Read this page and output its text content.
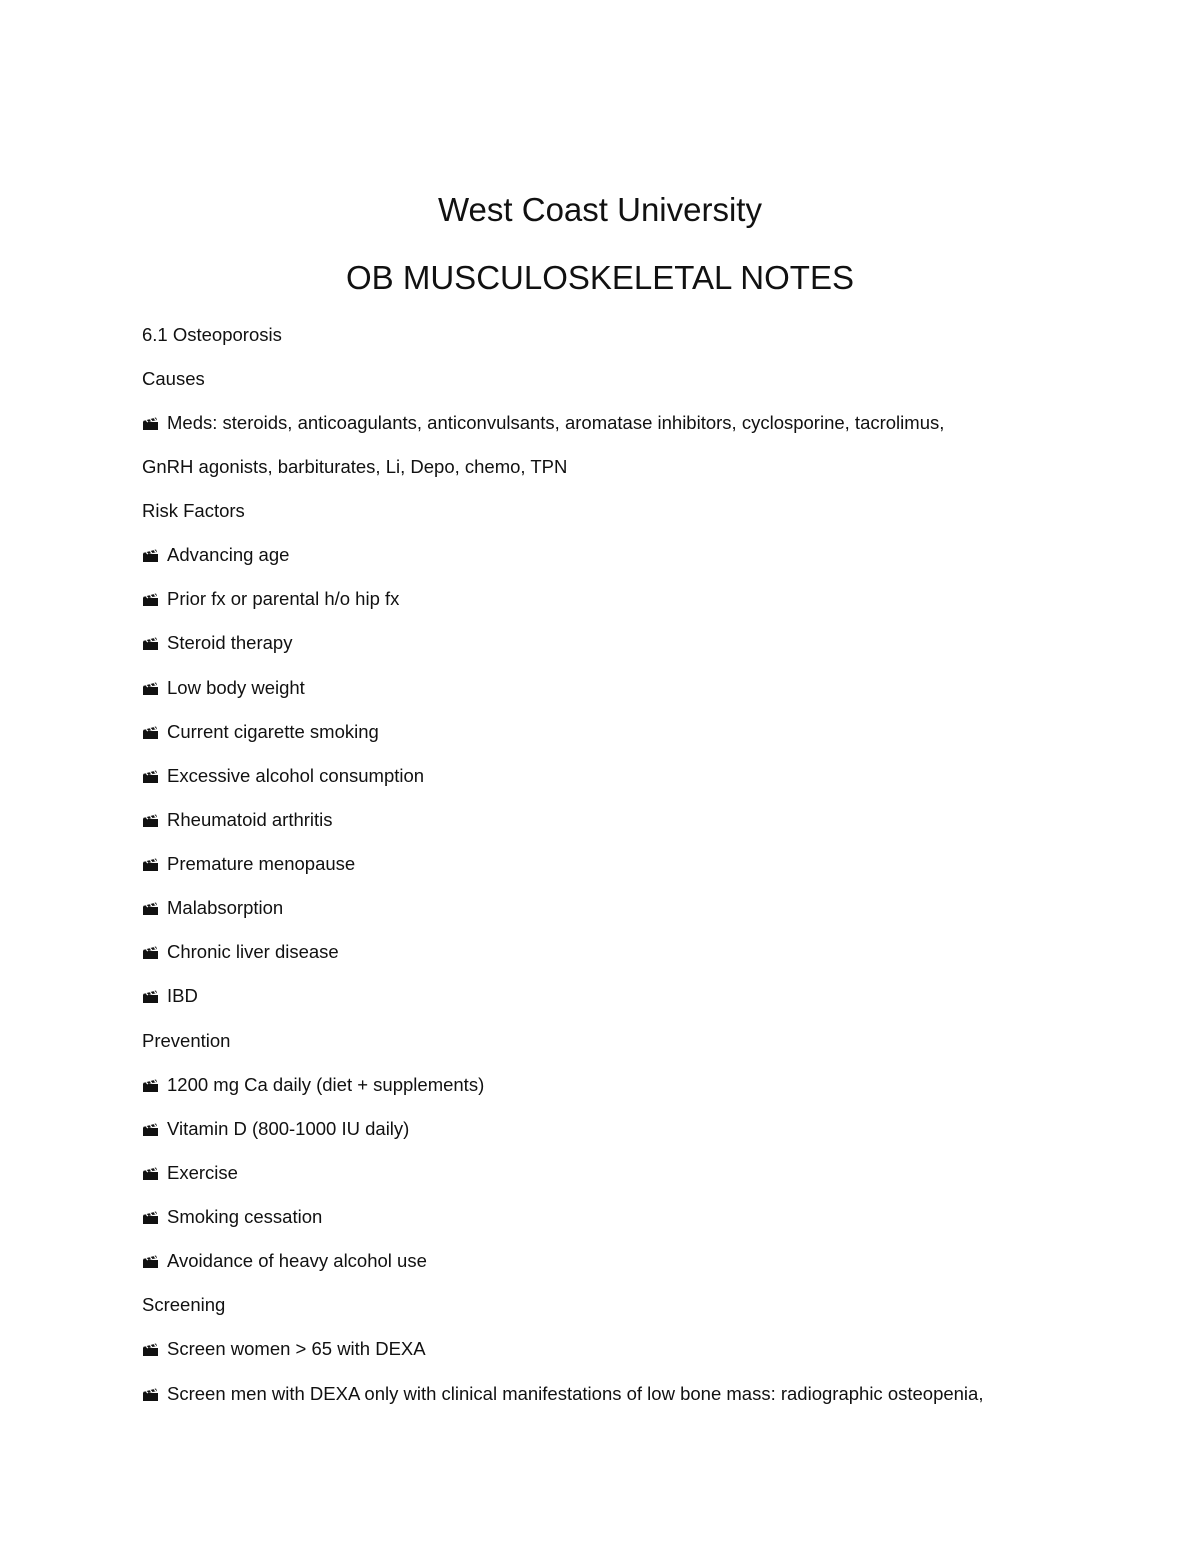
West Coast University
OB MUSCULOSKELETAL NOTES

6.1 Osteoporosis

Causes

Meds: steroids, anticoagulants, anticonvulsants, aromatase inhibitors, cyclosporine, tacrolimus,

GnRH agonists, barbiturates, Li, Depo, chemo, TPN

Risk Factors

Advancing age
Prior fx or parental h/o hip fx
Steroid therapy
Low body weight
Current cigarette smoking
Excessive alcohol consumption
Rheumatoid arthritis
Premature menopause
Malabsorption
Chronic liver disease
IBD

Prevention

1200 mg Ca daily (diet + supplements)
Vitamin D (800-1000 IU daily)
Exercise
Smoking cessation
Avoidance of heavy alcohol use

Screening

Screen women > 65 with DEXA
Screen men with DEXA only with clinical manifestations of low bone mass: radiographic osteopenia,
